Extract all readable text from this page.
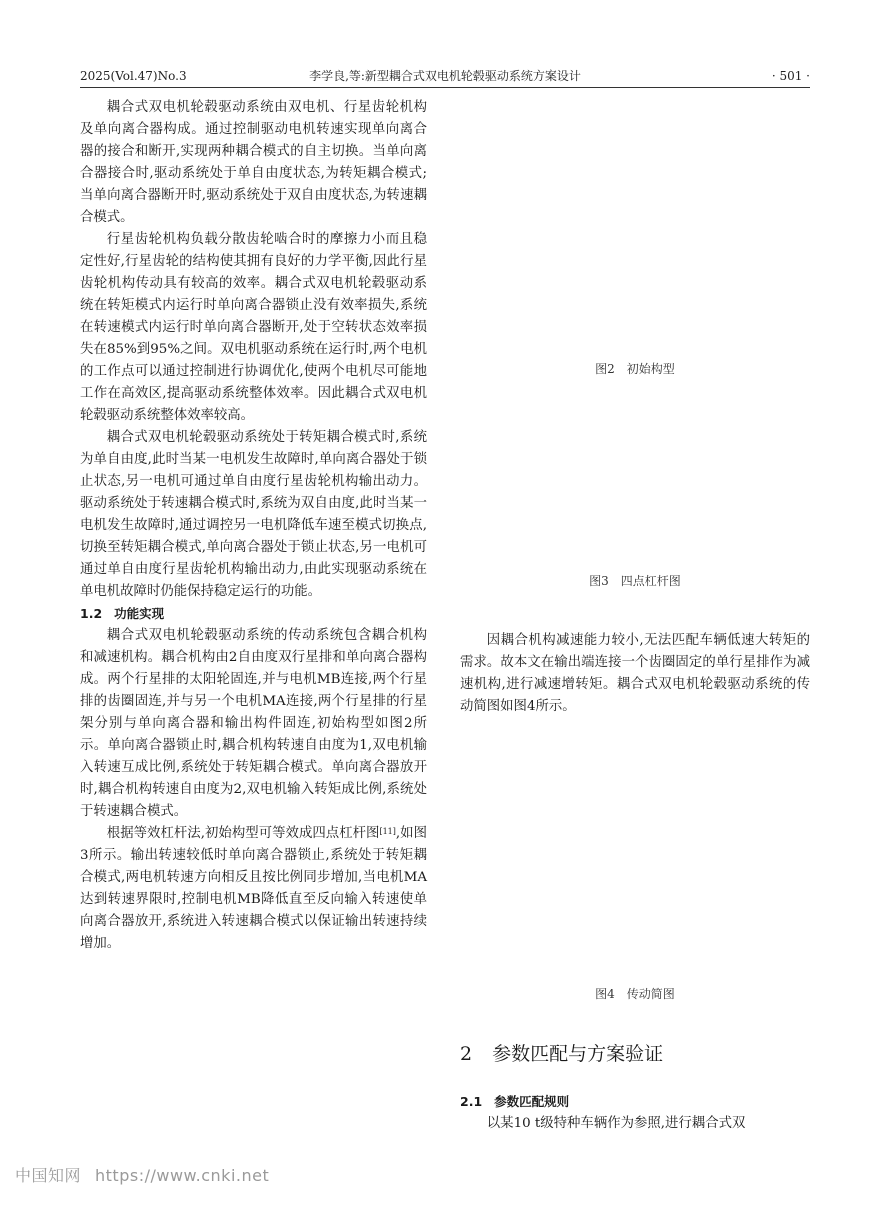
2025(Vol.47)No.3	李学良,等:新型耦合式双电机轮毂驱动系统方案设计	· 501 ·

耦合式双电机轮毂驱动系统由双电机、行星齿轮机构及单向离合器构成。通过控制驱动电机转速实现单向离合器的接合和断开,实现两种耦合模式的自主切换。当单向离合器接合时,驱动系统处于单自由度状态,为转矩耦合模式;当单向离合器断开时,驱动系统处于双自由度状态,为转速耦合模式。

行星齿轮机构负载分散齿轮啮合时的摩擦力小而且稳定性好,行星齿轮的结构使其拥有良好的力学平衡,因此行星齿轮机构传动具有较高的效率。耦合式双电机轮毂驱动系统在转矩模式内运行时单向离合器锁止没有效率损失,系统在转速模式内运行时单向离合器断开,处于空转状态效率损失在85%到95%之间。双电机驱动系统在运行时,两个电机的工作点可以通过控制进行协调优化,使两个电机尽可能地工作在高效区,提高驱动系统整体效率。因此耦合式双电机轮毂驱动系统整体效率较高。

耦合式双电机轮毂驱动系统处于转矩耦合模式时,系统为单自由度,此时当某一电机发生故障时,单向离合器处于锁止状态,另一电机可通过单自由度行星齿轮机构输出动力。驱动系统处于转速耦合模式时,系统为双自由度,此时当某一电机发生故障时,通过调控另一电机降低车速至模式切换点,切换至转矩耦合模式,单向离合器处于锁止状态,另一电机可通过单自由度行星齿轮机构输出动力,由此实现驱动系统在单电机故障时仍能保持稳定运行的功能。

1.2 功能实现

耦合式双电机轮毂驱动系统的传动系统包含耦合机构和减速机构。耦合机构由2自由度双行星排和单向离合器构成。两个行星排的太阳轮固连,并与电机MB连接,两个行星排的齿圈固连,并与另一个电机MA连接,两个行星排的行星架分别与单向离合器和输出构件固连,初始构型如图2所示。单向离合器锁止时,耦合机构转速自由度为1,双电机输入转速互成比例,系统处于转矩耦合模式。单向离合器放开时,耦合机构转速自由度为2,双电机输入转矩成比例,系统处于转速耦合模式。

根据等效杠杆法,初始构型可等效成四点杠杆图[11],如图3所示。输出转速较低时单向离合器锁止,系统处于转矩耦合模式,两电机转速方向相反且按比例同步增加,当电机MA达到转速界限时,控制电机MB降低直至反向输入转速使单向离合器放开,系统进入转速耦合模式以保证输出转速持续增加。

图2　初始构型
图3　四点杠杆图

因耦合机构减速能力较小,无法匹配车辆低速大转矩的需求。故本文在输出端连接一个齿圈固定的单行星排作为减速机构,进行减速增转矩。耦合式双电机轮毂驱动系统的传动简图如图4所示。

图4　传动简图
2 参数匹配与方案验证
2.1 参数匹配规则

以某10 t级特种车辆作为参照,进行耦合式双

中国知网 https://www.cnki.net
